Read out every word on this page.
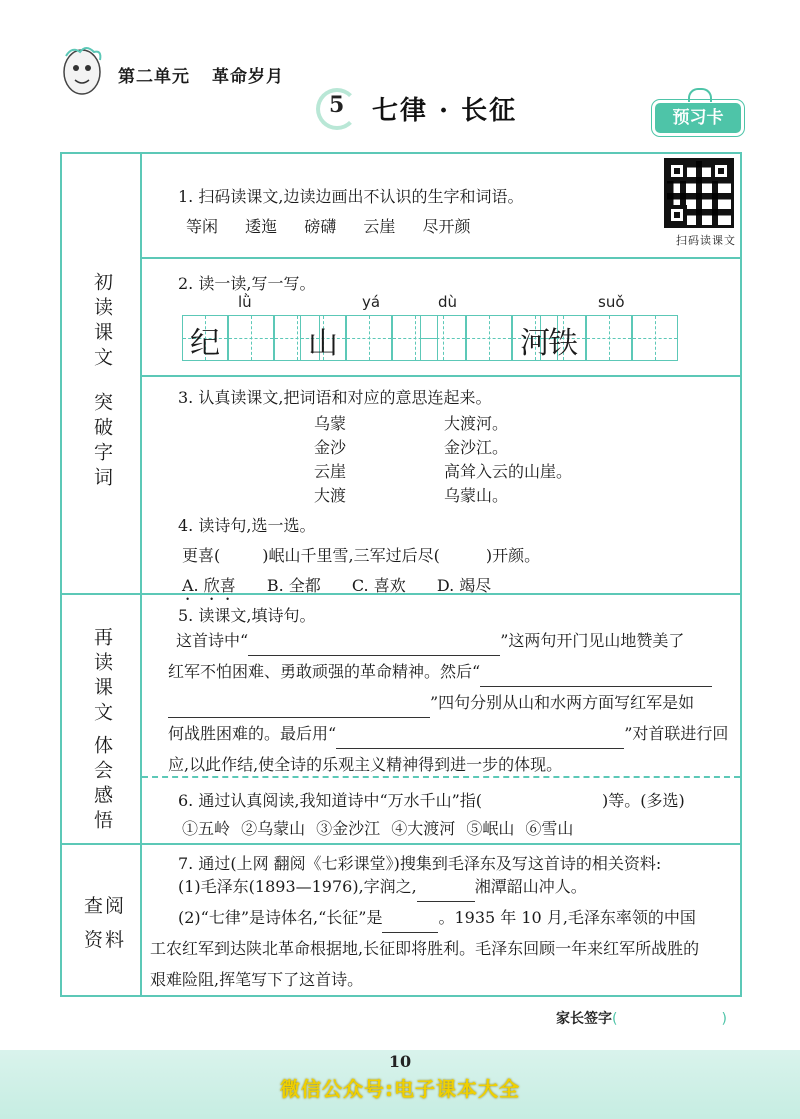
第二单元 革命岁月
5 七律 · 长征	预习卡
初读课文
突破字词
再读课文
体会感悟
查阅
资料
1. 扫码读课文,边读边画出不认识的生字和词语。
等闲 逶迤 磅礴 云崖 尽开颜
扫码读课文
2. 读一读,写一写。
纪
lǜ
山
yá
河
dù
铁
suǒ
3. 认真读课文,把词语和对应的意思连起来。
乌蒙
金沙
云崖
大渡
大渡河。
金沙江。
高耸入云的山崖。
乌蒙山。
4. 读诗句,选一选。
更喜(	)岷山千里雪,三军过后尽(	)开颜。
A. 欣喜 B. 全都 C. 喜欢 D. 竭尽
5. 读课文,填诗句。
这首诗中“	”这两句开门见山地赞美了
红军不怕困难、勇敢顽强的革命精神。然后“
”四句分别从山和水两方面写红军是如
何战胜困难的。最后用“	”对首联进行回
应,以此作结,使全诗的乐观主义精神得到进一步的体现。
6. 通过认真阅读,我知道诗中“万水千山”指(	)等。(多选)
①五岭 ②乌蒙山 ③金沙江 ④大渡河 ⑤岷山 ⑥雪山
7. 通过(上网 翻阅《七彩课堂》)搜集到毛泽东及写这首诗的相关资料:
(1)毛泽东(1893—1976),字润之,	湘潭韶山冲人。
(2)“七律”是诗体名,“长征”是	。1935 年 10 月,毛泽东率领的中国
工农红军到达陕北革命根据地,长征即将胜利。毛泽东回顾一年来红军所战胜的
艰难险阻,挥笔写下了这首诗。
家长签字(	)
10
微信公众号:电子课本大全
